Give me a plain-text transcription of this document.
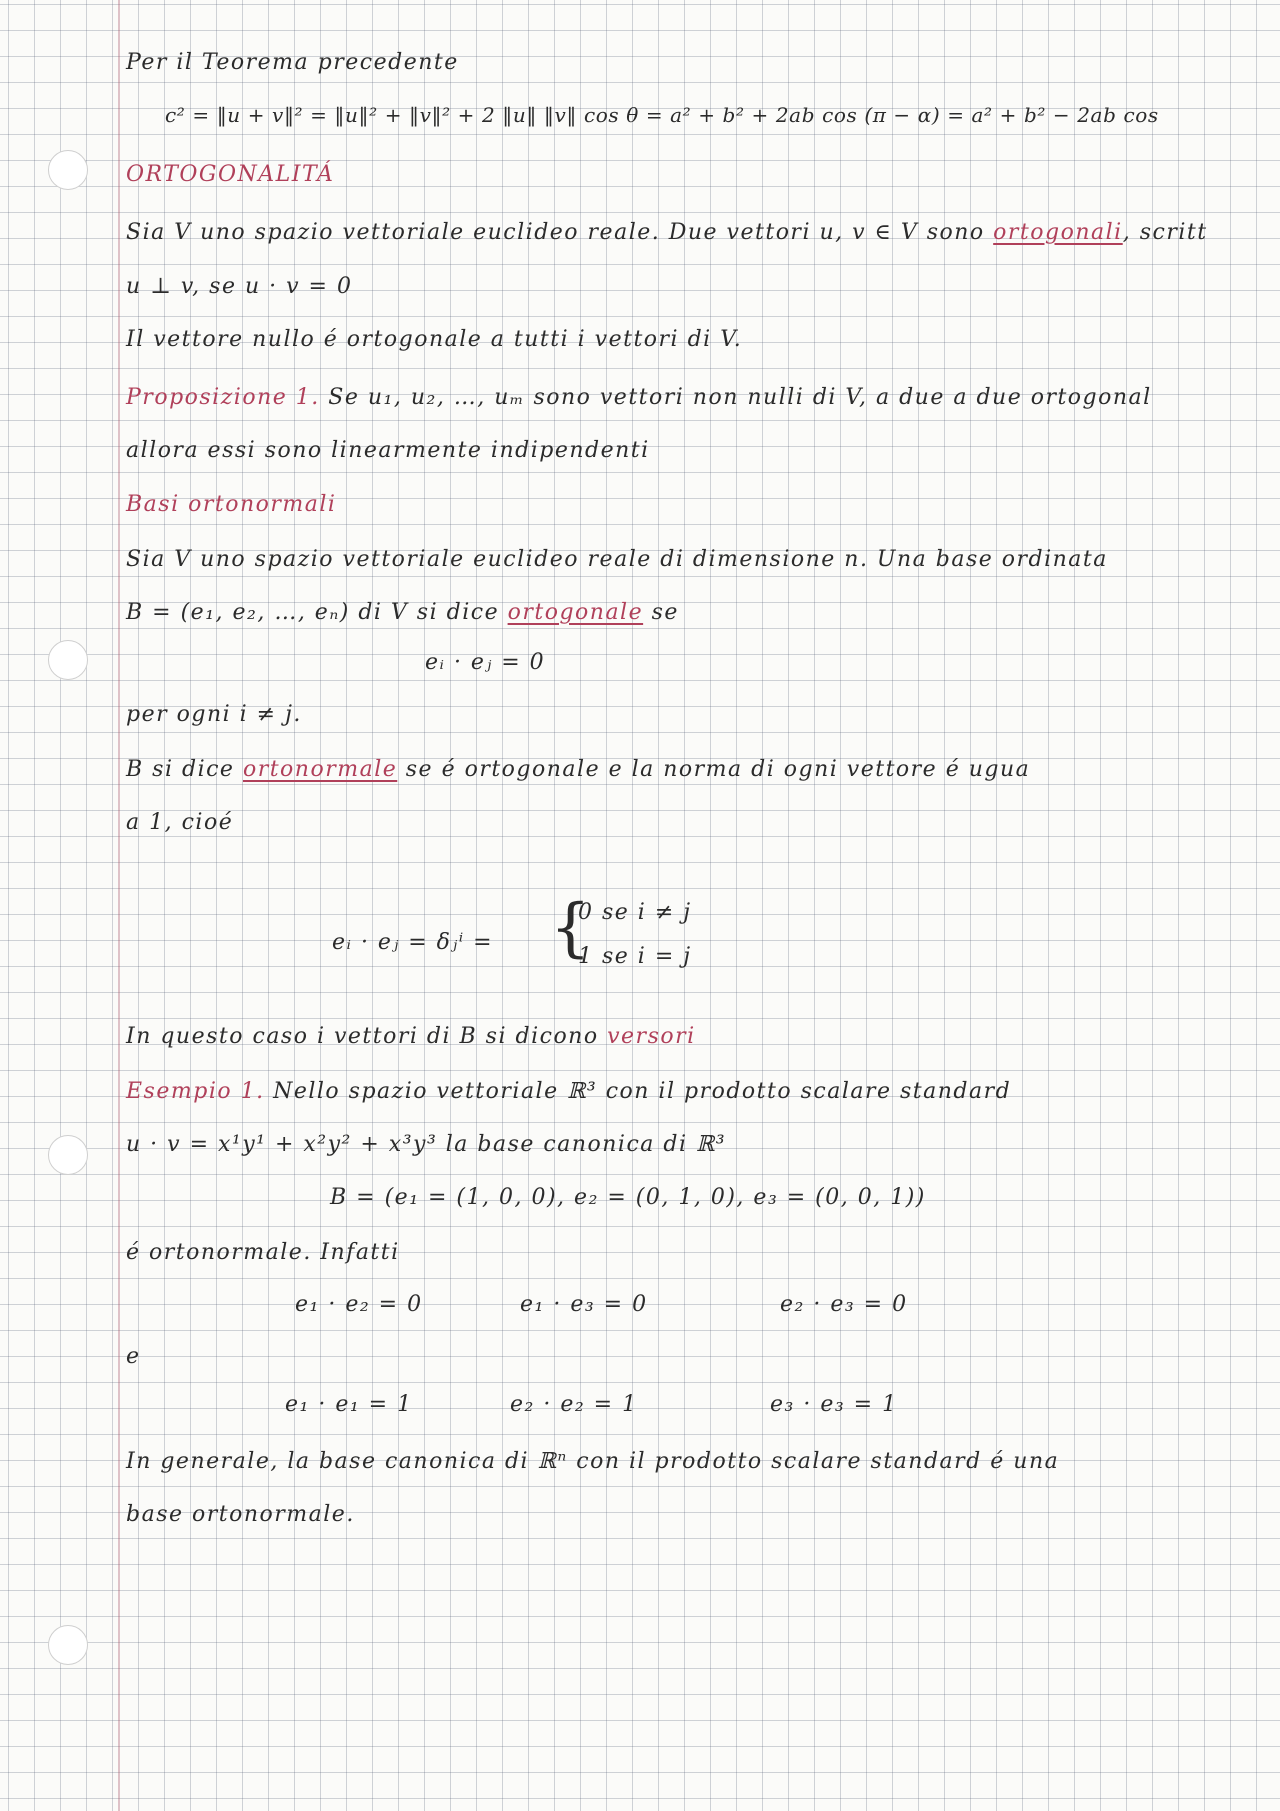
Per il Teorema precedente
c² = ‖u + v‖² = ‖u‖² + ‖v‖² + 2 ‖u‖ ‖v‖ cos θ = a² + b² + 2ab cos (π − α) = a² + b² − 2ab cos
ORTOGONALITÁ
Sia V uno spazio vettoriale euclideo reale. Due vettori u, v ∈ V sono ortogonali, scritt
u ⊥ v, se u · v = 0
Il vettore nullo é ortogonale a tutti i vettori di V.
Proposizione 1. Se u₁, u₂, …, uₘ sono vettori non nulli di V, a due a due ortogonal
allora essi sono linearmente indipendenti
Basi ortonormali
Sia V uno spazio vettoriale euclideo reale di dimensione n. Una base ordinata
B = (e₁, e₂, …, eₙ) di V si dice ortogonale se
eᵢ · eⱼ = 0
per ogni i ≠ j.
B si dice ortonormale se é ortogonale e la norma di ogni vettore é ugua
a 1, cioé
eᵢ · eⱼ = δⱼⁱ = {
0 se i ≠ j
1 se i = j
In questo caso i vettori di B si dicono versori
Esempio 1. Nello spazio vettoriale ℝ³ con il prodotto scalare standard
u · v = x¹y¹ + x²y² + x³y³ la base canonica di ℝ³
B = (e₁ = (1, 0, 0), e₂ = (0, 1, 0), e₃ = (0, 0, 1))
é ortonormale. Infatti
e₁ · e₂ = 0	e₁ · e₃ = 0	e₂ · e₃ = 0
e
e₁ · e₁ = 1	e₂ · e₂ = 1	e₃ · e₃ = 1
In generale, la base canonica di ℝⁿ con il prodotto scalare standard é una
base ortonormale.
